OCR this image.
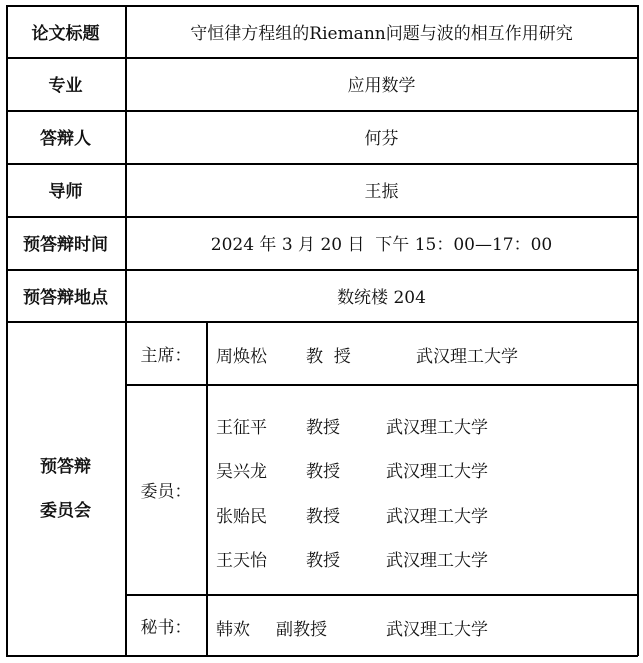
论文标题	守恒律方程组的Riemann问题与波的相互作用研究
专业	应用数学
答辩人	何芬
导师	王振
预答辩时间	2024 年 3 月 20 日  下午 15：00—17：00
预答辩地点	数统楼 204
预答辩
委员会
主席：	周焕松	教  授	武汉理工大学
委员：
王征平	教授	武汉理工大学
吴兴龙	教授	武汉理工大学
张贻民	教授	武汉理工大学
王天怡	教授	武汉理工大学
秘书：	韩欢	副教授	武汉理工大学
